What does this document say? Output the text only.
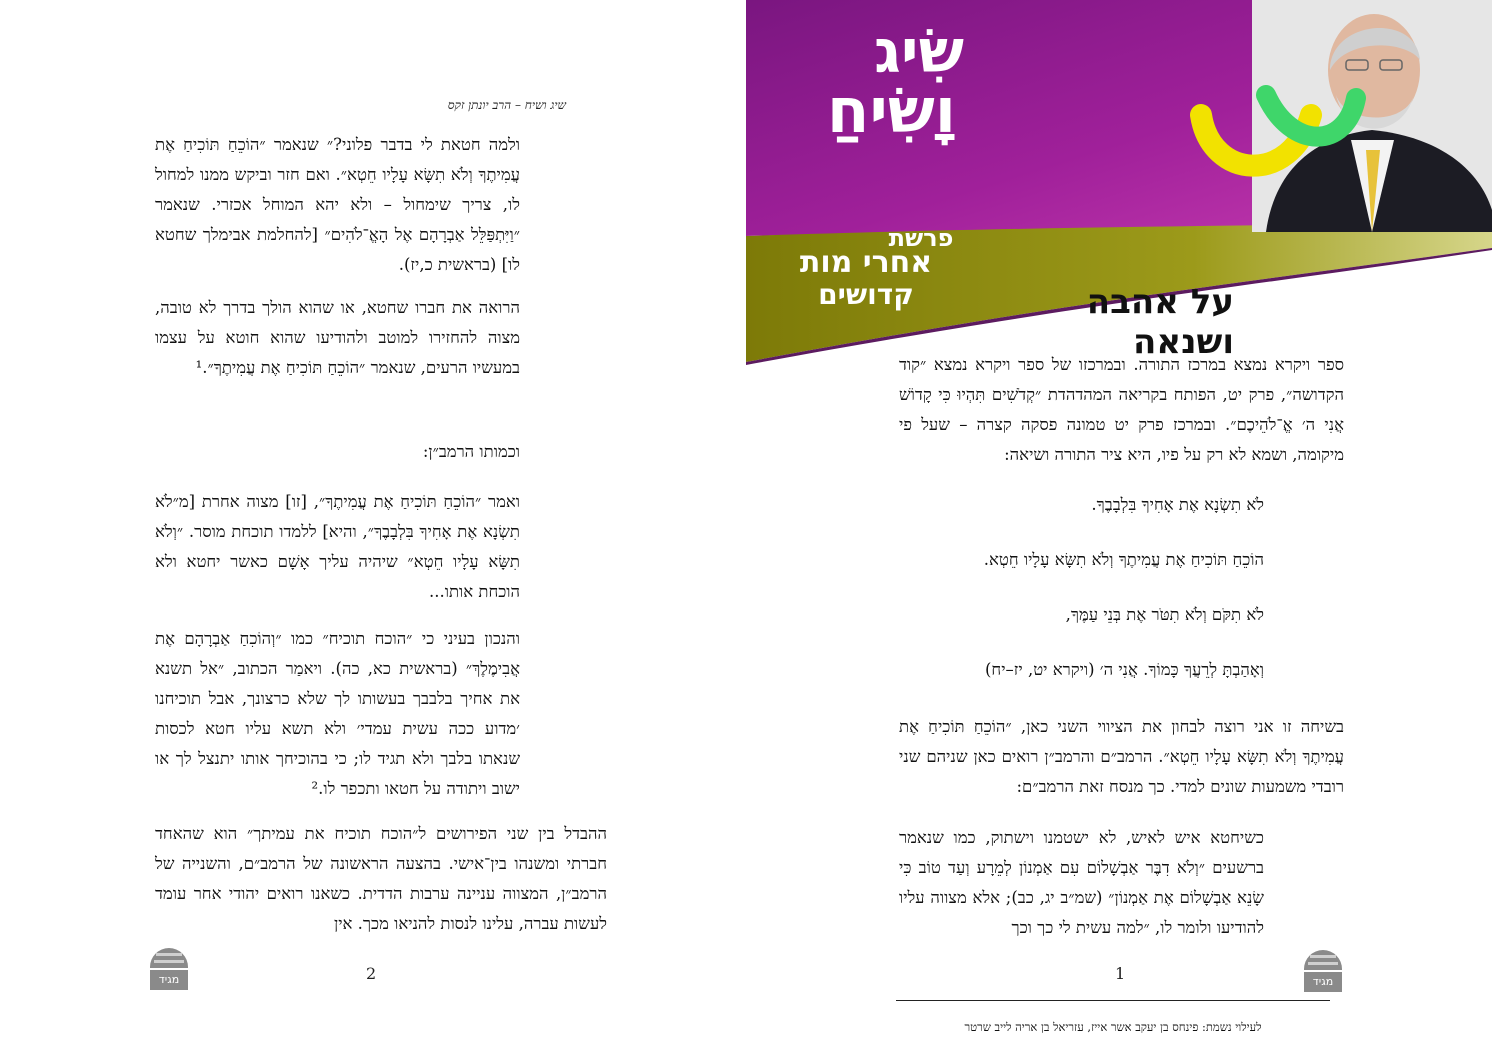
שיג ושיח – הרב יונתן זקס
ולמה חטאת לי בדבר פלוני?״ שנאמר ״הוֹכֵחַ תּוֹכִיחַ אֶת עֲמִיתֶךָ וְלֹא תִשָּׂא עָלָיו חֵטְא״. ואם חזר וביקש ממנו למחול לו, צריך שימחול – ולא יהא המוחל אכזרי. שנאמר ״וַיִּתְפַּלֵּל אַבְרָהָם אֶל הָאֱ־לֹהִים״ [להחלמת אבימלך שחטא לו] (בראשית כ,יז).
הרואה את חברו שחטא, או שהוא הולך בדרך לא טובה, מצוה להחזירו למוטב ולהודיעו שהוא חוטא על עצמו במעשיו הרעים, שנאמר ״הוֹכֵחַ תּוֹכִיחַ אֶת עֲמִיתֶךָ״.¹
וכמותו הרמב״ן:
ואמר ״הוֹכֵחַ תּוֹכִיחַ אֶת עֲמִיתֶךָ״, [זו] מצוה אחרת [מ״לֹא תִשְׂנָא אֶת אָחִיךָ בִּלְבָבֶךָ״, והיא] ללמדו תוכחת מוסר. ״וְלֹא תִשָּׂא עָלָיו חֵטְא״ שיהיה עליך אָשָׁם כאשר יחטא ולא הוכחת אותו...
והנכון בעיני כי ״הוכח תוכיח״ כמו ״וְהוֹכִחַ אַבְרָהָם אֶת אֲבִימֶלֶךְ״ (בראשית כא, כה). ויאמַר הכתוב, ״אל תשנא את אחיך בלבבך בעשותו לך שלא כרצונך, אבל תוכיחנו ׳מדוע ככה עשית עמדי׳ ולא תשא עליו חטא לכסות שנאתו בלבך ולא תגיד לו; כי בהוכיחך אותו יתנצל לך או ישוב ויתודה על חטאו ותכפר לו.²
ההבדל בין שני הפירושים ל״הוכח תוכיח את עמיתך״ הוא שהאחד חברתי ומשנהו בין־אישי. בהצעה הראשונה של הרמב״ם, והשנייה של הרמב״ן, המצווה עניינה ערבות הדדית. כשאנו רואים יהודי אחר עומד לעשות עברה, עלינו לנסות להניאו מכך. אין
2
מגיד
שִׂיג
וָשִׂיחַ
פרשת
אחרי מות
קדושים	על אהבה ושנאה
ספר ויקרא נמצא במרכז התורה. ובמרכזו של ספר ויקרא נמצא ״קוד הקדושה״, פרק יט, הפותח בקריאה המהדהדת ״קְדֹשִׁים תִּהְיוּ כִּי קָדוֹשׁ אֲנִי ה׳ אֱ־לֹהֵיכֶם״. ובמרכז פרק יט טמונה פסקה קצרה – שעל פי מיקומה, ושמא לא רק על פיו, היא ציר התורה ושיאה:
לֹא תִשְׂנָא אֶת אָחִיךָ בִּלְבָבֶךָ.
הוֹכֵחַ תּוֹכִיחַ אֶת עֲמִיתֶךָ וְלֹא תִשָּׂא עָלָיו חֵטְא.
לֹא תִקֹּם וְלֹא תִטֹּר אֶת בְּנֵי עַמֶּךָ,
וְאָהַבְתָּ לְרֵעֲךָ כָּמוֹךָ. אֲנִי ה׳ (ויקרא יט, יז–יח)
בשיחה זו אני רוצה לבחון את הציווי השני כאן, ״הוֹכֵחַ תּוֹכִיחַ אֶת עֲמִיתֶךָ וְלֹא תִשָּׂא עָלָיו חֵטְא״. הרמב״ם והרמב״ן רואים כאן שניהם שני רובדי משמעות שונים למדי. כך מנסח זאת הרמב״ם:
כשיחטא איש לאיש, לא ישטמנו וישתוק, כמו שנאמר ברשעים ״וְלֹא דִבֶּר אַבְשָׁלוֹם עִם אַמְנוֹן לְמֵרָע וְעַד טוֹב כִּי שָׂנֵא אַבְשָׁלוֹם אֶת אַמְנוֹן״ (שמ״ב יג, כב); אלא מצווה עליו להודיעו ולומר לו, ״למה עשית לי כך וכך
1	מגיד
לעילוי נשמת: פינחס בן יעקב אשר אייז, עזריאל בן אריה לייב שרטר
